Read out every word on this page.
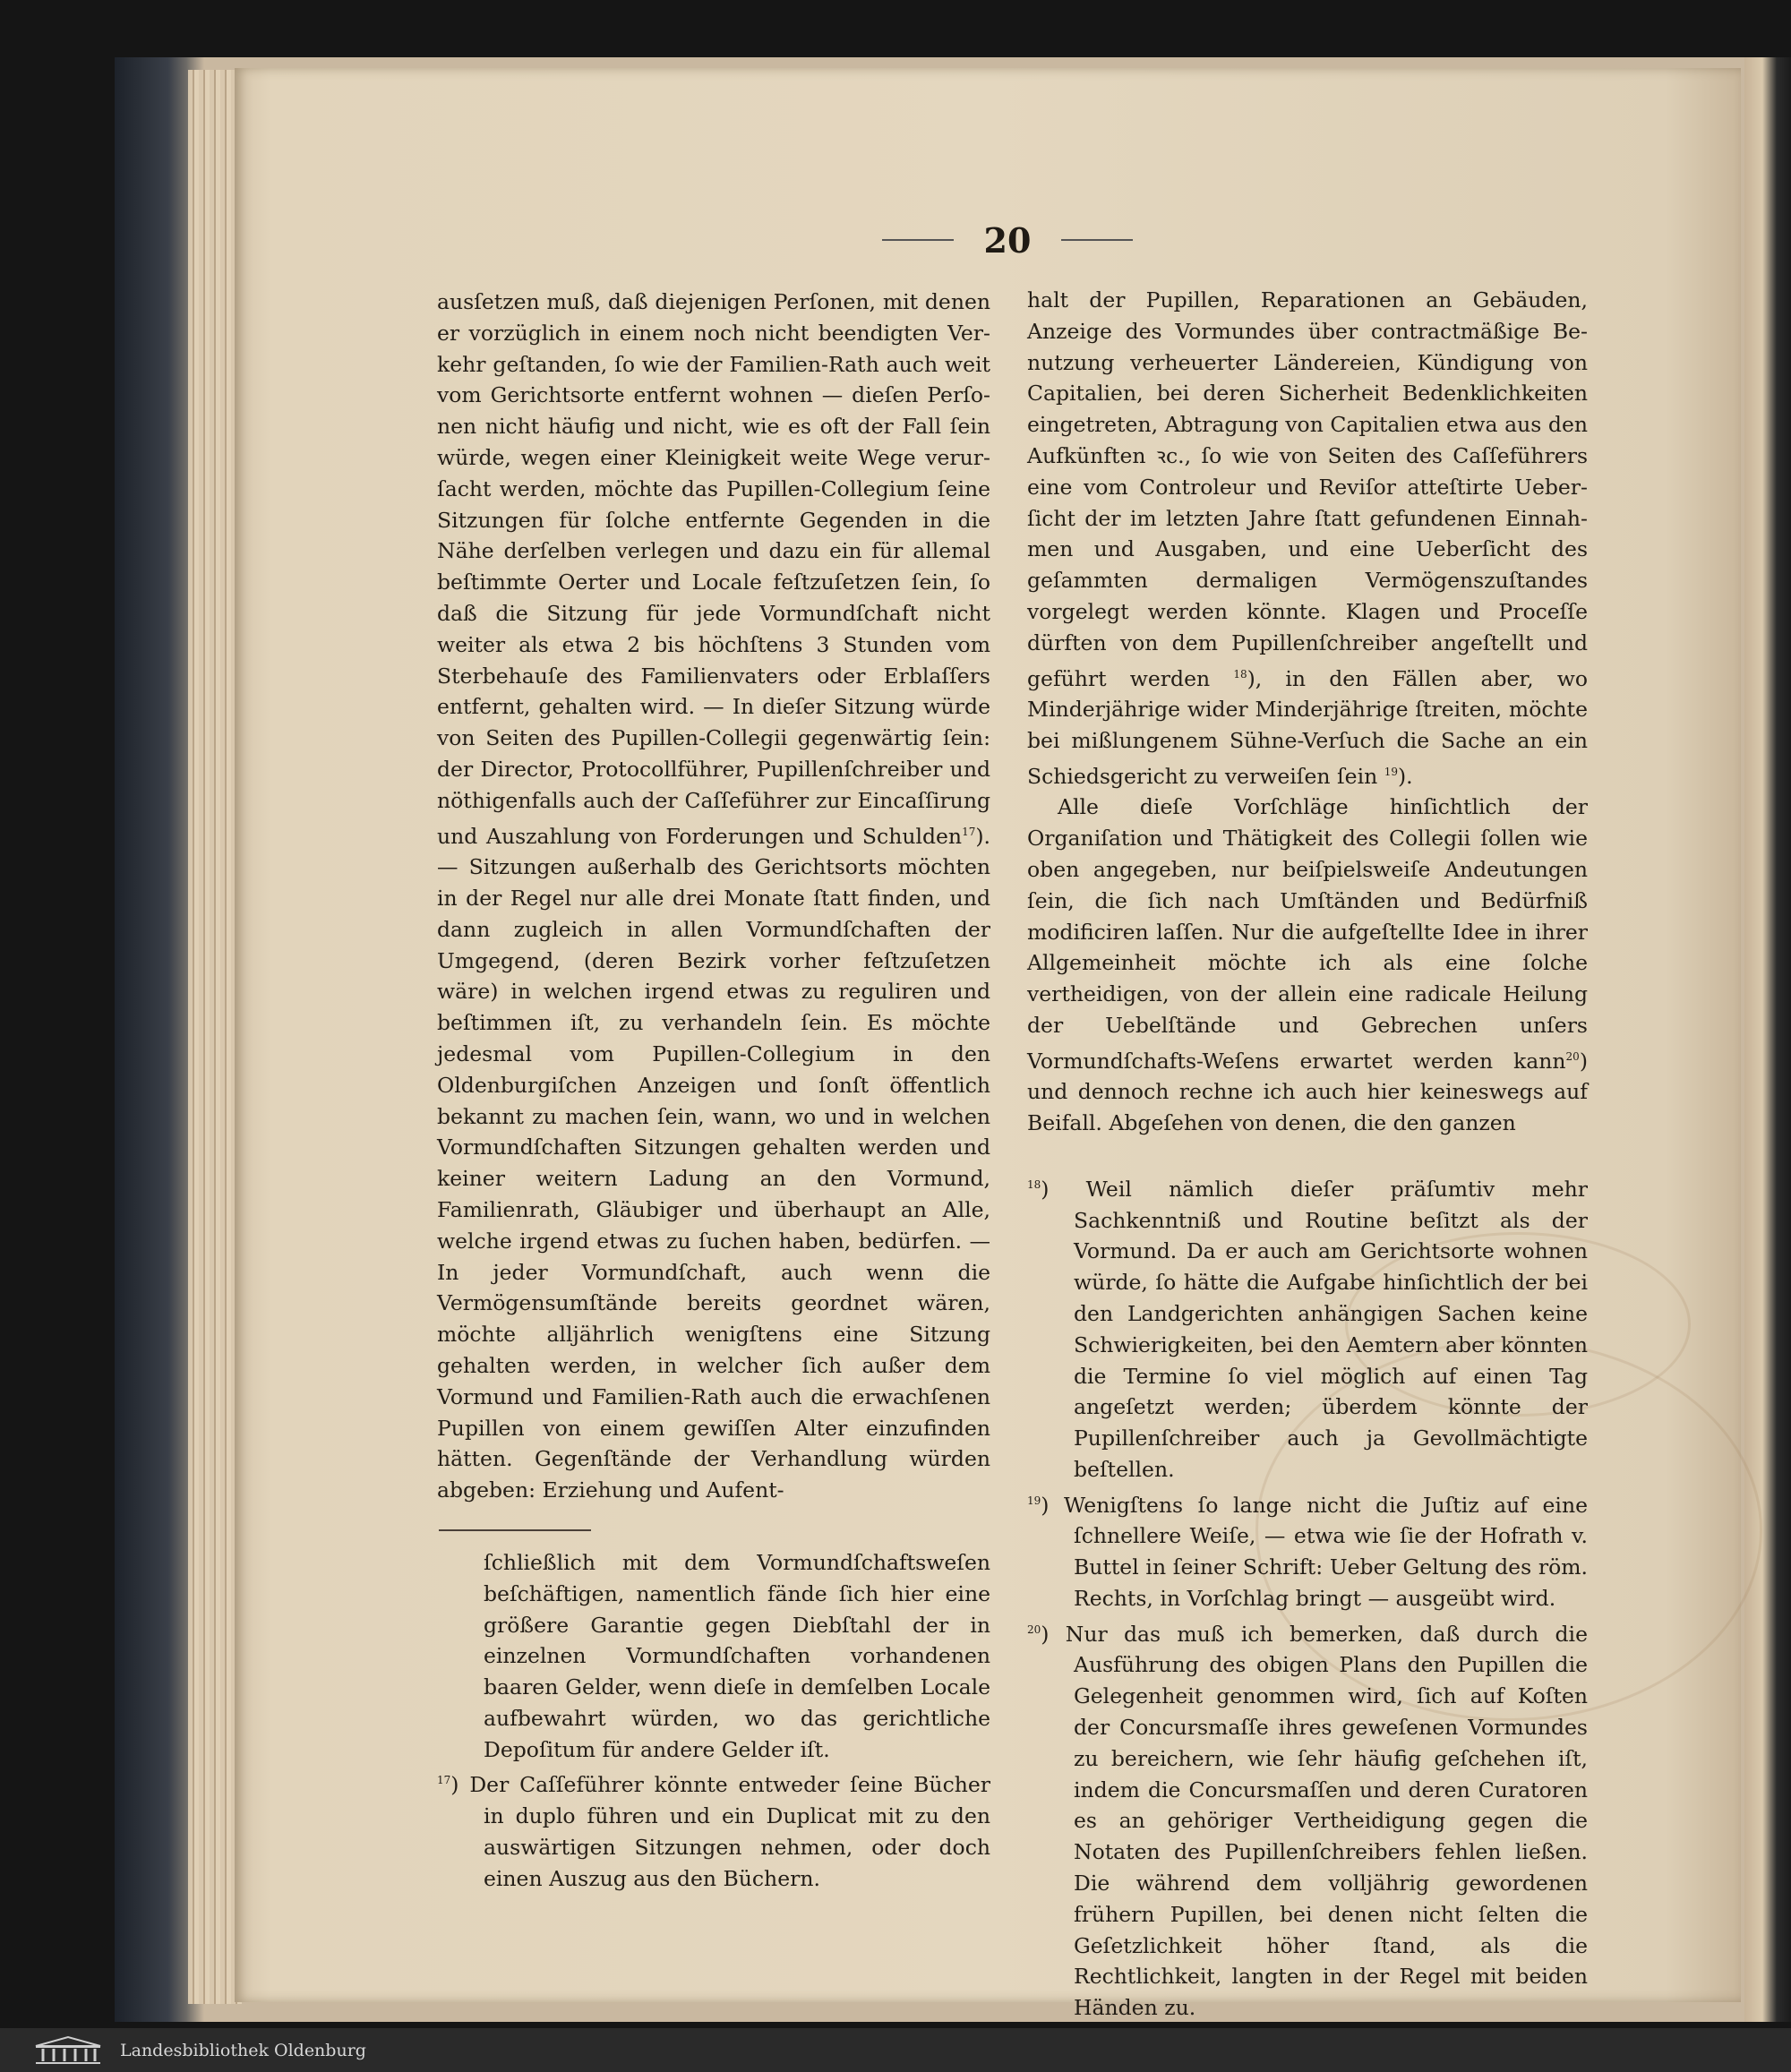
20

ausſetzen muß, daß diejenigen Perſonen, mit denen er vorzüglich in einem noch nicht beendigten Verkehr geſtanden, ſo wie der Familien-Rath auch weit vom Gerichtsorte entfernt wohnen — dieſen Perſonen nicht häufig und nicht, wie es oft der Fall ſein würde, wegen einer Kleinigkeit weite Wege verurſacht werden, möchte das Pupillen-Collegium ſeine Sitzungen für ſolche entfernte Gegenden in die Nähe derſelben verlegen und dazu ein für allemal beſtimmte Oerter und Locale feſtzuſetzen ſein, ſo daß die Sitzung für jede Vormundſchaft nicht weiter als etwa 2 bis höchſtens 3 Stunden vom Sterbehauſe des Familienvaters oder Erblaſſers entfernt, gehalten wird. — In dieſer Sitzung würde von Seiten des Pupillen-Collegii gegenwärtig ſein: der Director, Protocollführer, Pupillenſchreiber und nöthigenfalls auch der Caſſeführer zur Eincaſſirung und Auszahlung von Forderungen und Schulden$^{17}$). — Sitzungen außerhalb des Gerichtsorts möchten in der Regel nur alle drei Monate ſtatt finden, und dann zugleich in allen Vormundſchaften der Umgegend, (deren Bezirk vorher feſtzuſetzen wäre) in welchen irgend etwas zu reguliren und beſtimmen iſt, zu verhandeln ſein. Es möchte jedesmal vom Pupillen-Collegium in den Oldenburgiſchen Anzeigen und ſonſt öffentlich bekannt zu machen ſein, wann, wo und in welchen Vormundſchaften Sitzungen gehalten werden und keiner weitern Ladung an den Vormund, Familienrath, Gläubiger und überhaupt an Alle, welche irgend etwas zu ſuchen haben, bedürfen. — In jeder Vormundſchaft, auch wenn die Vermögensumſtände bereits geordnet wären, möchte alljährlich wenigſtens eine Sitzung gehalten werden, in welcher ſich außer dem Vormund und Familien-Rath auch die erwachſenen Pupillen von einem gewiſſen Alter einzufinden hätten. Gegenſtände der Verhandlung würden abgeben: Erziehung und Aufent-

ſchließlich mit dem Vormundſchaftsweſen beſchäftigen, namentlich fände ſich hier eine größere Garantie gegen Diebſtahl der in einzelnen Vormundſchaften vorhandenen baaren Gelder, wenn dieſe in demſelben Locale aufbewahrt würden, wo das gerichtliche Depoſitum für andere Gelder iſt.

$^{17}$) Der Caſſeführer könnte entweder ſeine Bücher in duplo führen und ein Duplicat mit zu den auswärtigen Sitzungen nehmen, oder doch einen Auszug aus den Büchern.

halt der Pupillen, Reparationen an Gebäuden, Anzeige des Vormundes über contractmäßige Benutzung verheuerter Ländereien, Kündigung von Capitalien, bei deren Sicherheit Bedenklichkeiten eingetreten, Abtragung von Capitalien etwa aus den Aufkünften ꝛc., ſo wie von Seiten des Caſſeführers eine vom Controleur und Reviſor atteſtirte Ueberſicht der im letzten Jahre ſtatt gefundenen Einnahmen und Ausgaben, und eine Ueberſicht des geſammten dermaligen Vermögenszuſtandes vorgelegt werden könnte. Klagen und Proceſſe dürften von dem Pupillenſchreiber angeſtellt und geführt werden $^{18}$), in den Fällen aber, wo Minderjährige wider Minderjährige ſtreiten, möchte bei mißlungenem Sühne-Verſuch die Sache an ein Schiedsgericht zu verweiſen ſein $^{19}$).

Alle dieſe Vorſchläge hinſichtlich der Organiſation und Thätigkeit des Collegii ſollen wie oben angegeben, nur beiſpielsweiſe Andeutungen ſein, die ſich nach Umſtänden und Bedürfniß modificiren laſſen. Nur die aufgeſtellte Idee in ihrer Allgemeinheit möchte ich als eine ſolche vertheidigen, von der allein eine radicale Heilung der Uebelſtände und Gebrechen unſers Vormundſchafts-Weſens erwartet werden kann$^{20}$) und dennoch rechne ich auch hier keineswegs auf Beifall. Abgeſehen von denen, die den ganzen

$^{18}$) Weil nämlich dieſer präſumtiv mehr Sachkenntniß und Routine beſitzt als der Vormund. Da er auch am Gerichtsorte wohnen würde, ſo hätte die Aufgabe hinſichtlich der bei den Landgerichten anhängigen Sachen keine Schwierigkeiten, bei den Aemtern aber könnten die Termine ſo viel möglich auf einen Tag angeſetzt werden; überdem könnte der Pupillenſchreiber auch ja Gevollmächtigte beſtellen.

$^{19}$) Wenigſtens ſo lange nicht die Juſtiz auf eine ſchnellere Weiſe, — etwa wie ſie der Hofrath v. Buttel in ſeiner Schrift: Ueber Geltung des röm. Rechts, in Vorſchlag bringt — ausgeübt wird.

$^{20}$) Nur das muß ich bemerken, daß durch die Ausführung des obigen Plans den Pupillen die Gelegenheit genommen wird, ſich auf Koſten der Concursmaſſe ihres geweſenen Vormundes zu bereichern, wie ſehr häufig geſchehen iſt, indem die Concursmaſſen und deren Curatoren es an gehöriger Vertheidigung gegen die Notaten des Pupillenſchreibers fehlen ließen. Die während dem volljährig gewordenen frühern Pupillen, bei denen nicht ſelten die Geſetzlichkeit höher ſtand, als die Rechtlichkeit, langten in der Regel mit beiden Händen zu.

Landesbibliothek Oldenburg
